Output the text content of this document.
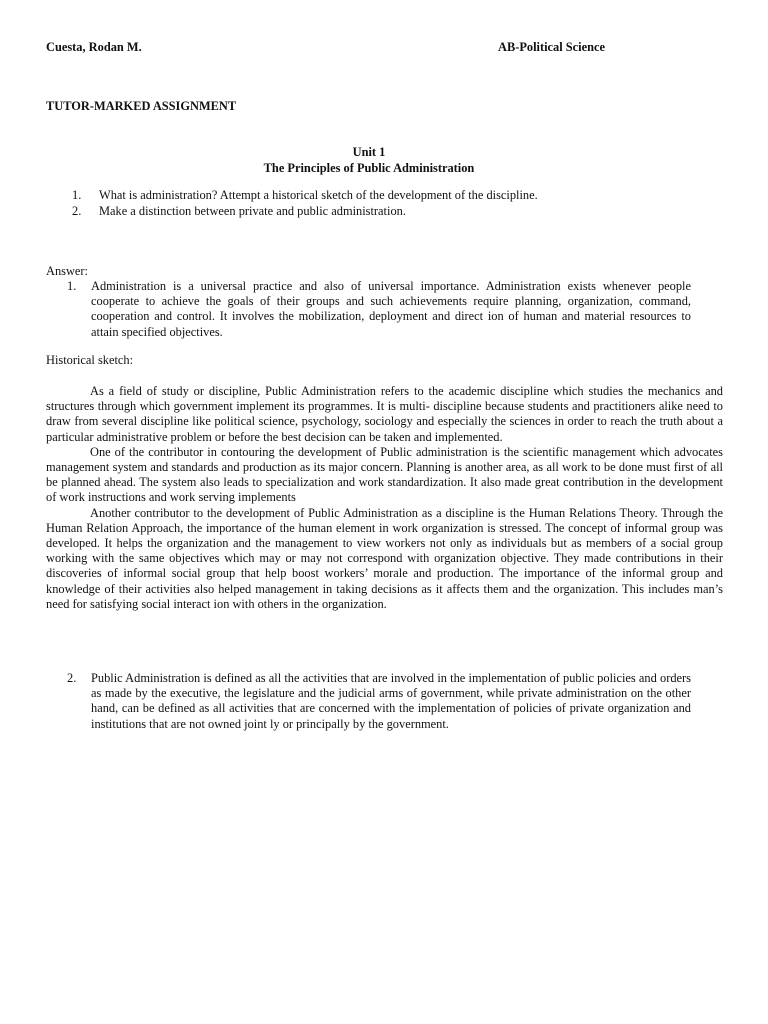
Cuesta, Rodan M.	AB-Political Science
TUTOR-MARKED ASSIGNMENT
Unit 1
The Principles of Public Administration
1. What is administration? Attempt a historical sketch of the development of the discipline.
2. Make a distinction between private and public administration.
Answer:
1. Administration is a universal practice and also of universal importance. Administration exists whenever people cooperate to achieve the goals of their groups and such achievements require planning, organization, command, cooperation and control. It involves the mobilization, deployment and direct ion of human and material resources to attain specified objectives.

Historical sketch:

As a field of study or discipline, Public Administration refers to the academic discipline which studies the mechanics and structures through which government implement its programmes. It is multi- discipline because students and practitioners alike need to draw from several discipline like political science, psychology, sociology and especially the sciences in order to reach the truth about a particular administrative problem or before the best decision can be taken and implemented.

One of the contributor in contouring the development of Public administration is the scientific management which advocates management system and standards and production as its major concern. Planning is another area, as all work to be done must first of all be planned ahead. The system also leads to specialization and work standardization. It also made great contribution in the development of work instructions and work serving implements

Another contributor to the development of Public Administration as a discipline is the Human Relations Theory. Through the Human Relation Approach, the importance of the human element in work organization is stressed. The concept of informal group was developed. It helps the organization and the management to view workers not only as individuals but as members of a social group working with the same objectives which may or may not correspond with organization objective. They made contributions in their discoveries of informal social group that help boost workers’ morale and production. The importance of the informal group and knowledge of their activities also helped management in taking decisions as it affects them and the organization. This includes man’s need for satisfying social interact ion with others in the organization.

2. Public Administration is defined as all the activities that are involved in the implementation of public policies and orders as made by the executive, the legislature and the judicial arms of government, while private administration on the other hand, can be defined as all activities that are concerned with the implementation of policies of private organization and institutions that are not owned joint ly or principally by the government.
